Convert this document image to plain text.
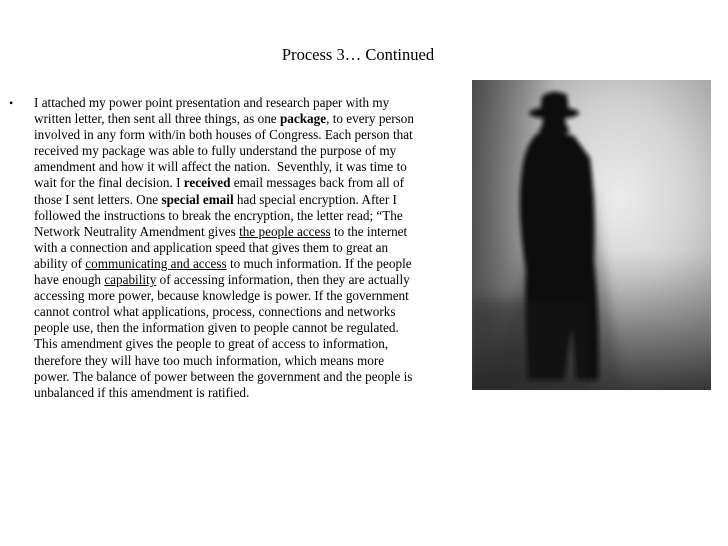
Process 3… Continued
• I attached my power point presentation and research paper with my written letter, then sent all three things, as one package, to every person involved in any form with/in both houses of Congress. Each person that received my package was able to fully understand the purpose of my amendment and how it will affect the nation.  Seventhly, it was time to wait for the final decision. I received email messages back from all of those I sent letters. One special email had special encryption. After I followed the instructions to break the encryption, the letter read; “The Network Neutrality Amendment gives the people access to the internet with a connection and application speed that gives them to great an ability of communicating and access to much information. If the people have enough capability of accessing information, then they are actually accessing more power, because knowledge is power. If the government cannot control what applications, process, connections and networks people use, then the information given to people cannot be regulated. This amendment gives the people to great of access to information, therefore they will have too much information, which means more power. The balance of power between the government and the people is unbalanced if this amendment is ratified.
